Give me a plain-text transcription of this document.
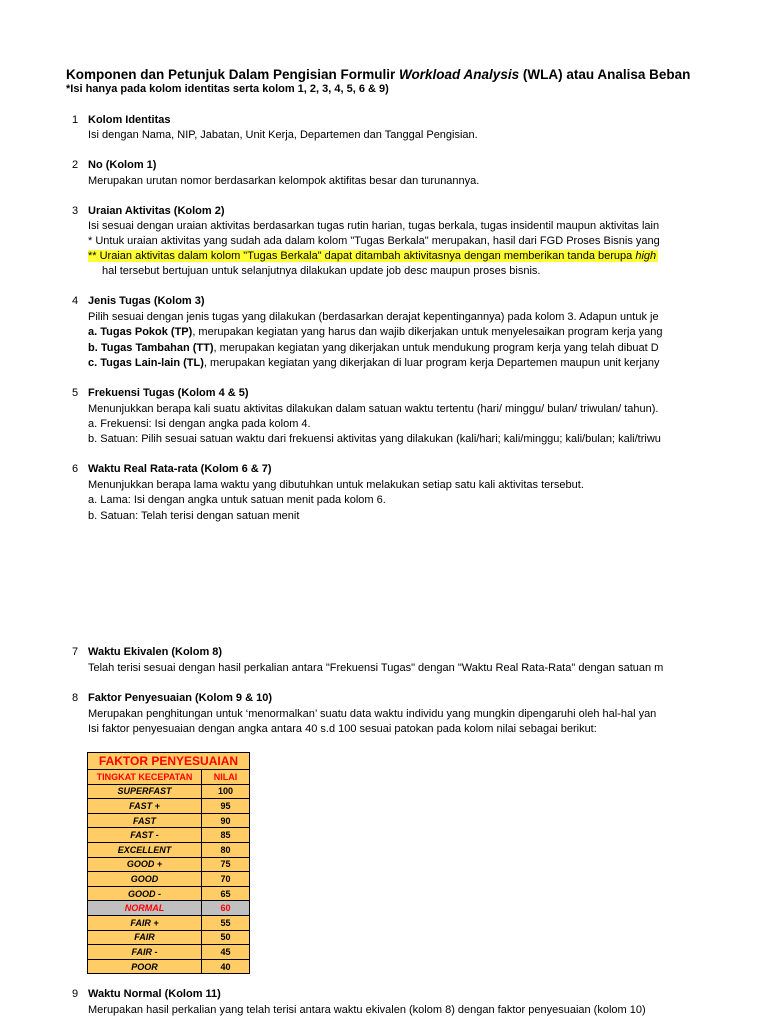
Komponen dan Petunjuk Dalam Pengisian Formulir Workload Analysis (WLA) atau Analisa Beban
*Isi hanya pada kolom identitas serta kolom 1, 2, 3, 4, 5, 6 & 9)
1 Kolom Identitas
Isi dengan Nama, NIP, Jabatan, Unit Kerja, Departemen dan Tanggal Pengisian.
2 No (Kolom 1)
Merupakan urutan nomor berdasarkan kelompok aktifitas besar dan turunannya.
3 Uraian Aktivitas (Kolom 2)
Isi sesuai dengan uraian aktivitas berdasarkan tugas rutin harian, tugas berkala, tugas insidentil maupun aktivitas lain
* Untuk uraian aktivitas yang sudah ada dalam kolom "Tugas Berkala" merupakan, hasil dari FGD Proses Bisnis yang
** Uraian aktivitas dalam kolom "Tugas Berkala" dapat ditambah aktivitasnya dengan memberikan tanda berupa high
hal tersebut bertujuan untuk selanjutnya dilakukan update job desc maupun proses bisnis.
4 Jenis Tugas (Kolom 3)
Pilih sesuai dengan jenis tugas yang dilakukan (berdasarkan derajat kepentingannya) pada kolom 3. Adapun untuk je
a. Tugas Pokok (TP), merupakan kegiatan yang harus dan wajib dikerjakan untuk menyelesaikan program kerja yang
b. Tugas Tambahan (TT), merupakan kegiatan yang dikerjakan untuk mendukung program kerja yang telah dibuat D
c. Tugas Lain-lain (TL), merupakan kegiatan yang dikerjakan di luar program kerja Departemen maupun unit kerjany
5 Frekuensi Tugas (Kolom 4 & 5)
Menunjukkan berapa kali suatu aktivitas dilakukan dalam satuan waktu tertentu (hari/ minggu/ bulan/ triwulan/ tahun).
a. Frekuensi: Isi dengan angka pada kolom 4.
b. Satuan: Pilih sesuai satuan waktu dari frekuensi aktivitas yang dilakukan (kali/hari; kali/minggu; kali/bulan; kali/triwu
6 Waktu Real Rata-rata (Kolom 6 & 7)
Menunjukkan berapa lama waktu yang dibutuhkan untuk melakukan setiap satu kali aktivitas tersebut.
a. Lama: Isi dengan angka untuk satuan menit pada kolom 6.
b. Satuan: Telah terisi dengan satuan menit
7 Waktu Ekivalen (Kolom 8)
Telah terisi sesuai dengan hasil perkalian antara "Frekuensi Tugas" dengan "Waktu Real Rata-Rata" dengan satuan m
8 Faktor Penyesuaian (Kolom 9 & 10)
Merupakan penghitungan untuk ‘menormalkan’ suatu data waktu individu yang mungkin dipengaruhi oleh hal-hal yan
Isi faktor penyesuaian dengan angka antara 40 s.d 100 sesuai patokan pada kolom nilai sebagai berikut:
FAKTOR PENYESUAIAN	
TINGKAT KECEPATAN	NILAI
SUPERFAST	100
FAST +	95
FAST	90
FAST -	85
EXCELLENT	80
GOOD +	75
GOOD	70
GOOD -	65
NORMAL	60
FAIR +	55
FAIR	50
FAIR -	45
POOR	40
9 Waktu Normal (Kolom 11)
Merupakan hasil perkalian yang telah terisi antara waktu ekivalen (kolom 8) dengan faktor penyesuaian (kolom 10)
